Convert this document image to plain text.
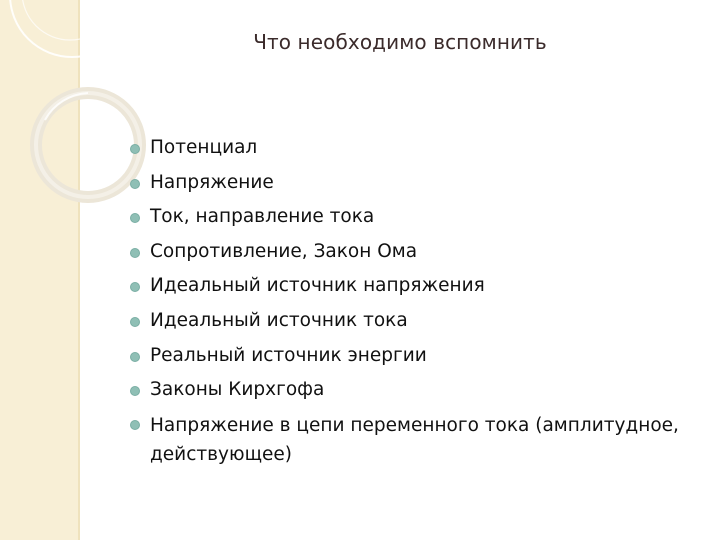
Что необходимо вспомнить
Потенциал
Напряжение
Ток, направление тока
Сопротивление, Закон Ома
Идеальный источник напряжения
Идеальный источник тока
Реальный источник энергии
Законы Кирхгофа
Напряжение в цепи переменного тока (амплитудное, действующее)
